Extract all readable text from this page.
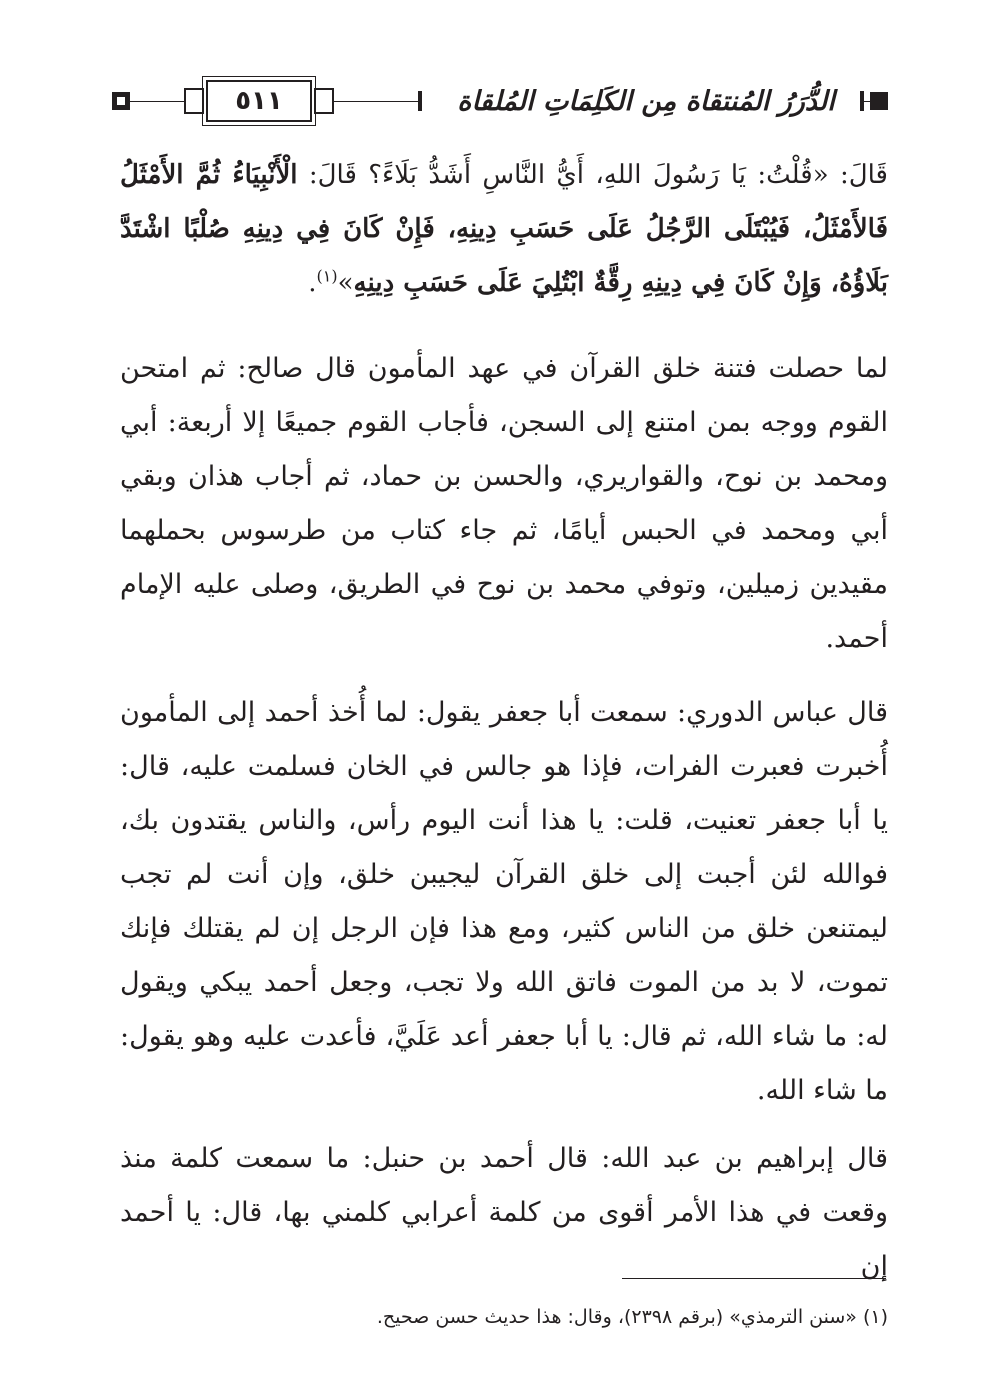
٥١١	الدُّرَرُ المُنتقاة مِن الكَلِمَاتِ المُلقاة

قَالَ: «قُلْتُ: يَا رَسُولَ اللهِ، أَيُّ النَّاسِ أَشَدُّ بَلَاءً؟ قَالَ: الْأَنْبِيَاءُ ثُمَّ الأَمْثَلُ فَالأَمْثَلُ، فَيُبْتَلَى الرَّجُلُ عَلَى حَسَبِ دِينِهِ، فَإِنْ كَانَ فِي دِينِهِ صُلْبًا اشْتَدَّ بَلَاؤُهُ، وَإِنْ كَانَ فِي دِينِهِ رِقَّةٌ ابْتُلِيَ عَلَى حَسَبِ دِينِهِ»$^{(١)}$.

لما حصلت فتنة خلق القرآن في عهد المأمون قال صالح: ثم امتحن القوم ووجه بمن امتنع إلى السجن، فأجاب القوم جميعًا إلا أربعة: أبي ومحمد بن نوح، والقواريري، والحسن بن حماد، ثم أجاب هذان وبقي أبي ومحمد في الحبس أيامًا، ثم جاء كتاب من طرسوس بحملهما مقيدين زميلين، وتوفي محمد بن نوح في الطريق، وصلى عليه الإمام أحمد.

قال عباس الدوري: سمعت أبا جعفر يقول: لما أُخذ أحمد إلى المأمون أُخبرت فعبرت الفرات، فإذا هو جالس في الخان فسلمت عليه، قال: يا أبا جعفر تعنيت، قلت: يا هذا أنت اليوم رأس، والناس يقتدون بك، فوالله لئن أجبت إلى خلق القرآن ليجيبن خلق، وإن أنت لم تجب ليمتنعن خلق من الناس كثير، ومع هذا فإن الرجل إن لم يقتلك فإنك تموت، لا بد من الموت فاتق الله ولا تجب، وجعل أحمد يبكي ويقول له: ما شاء الله، ثم قال: يا أبا جعفر أعد عَلَيَّ، فأعدت عليه وهو يقول: ما شاء الله.

قال إبراهيم بن عبد الله: قال أحمد بن حنبل: ما سمعت كلمة منذ وقعت في هذا الأمر أقوى من كلمة أعرابي كلمني بها، قال: يا أحمد إن

(١) «سنن الترمذي» (برقم ٢٣٩٨)، وقال: هذا حديث حسن صحيح.
